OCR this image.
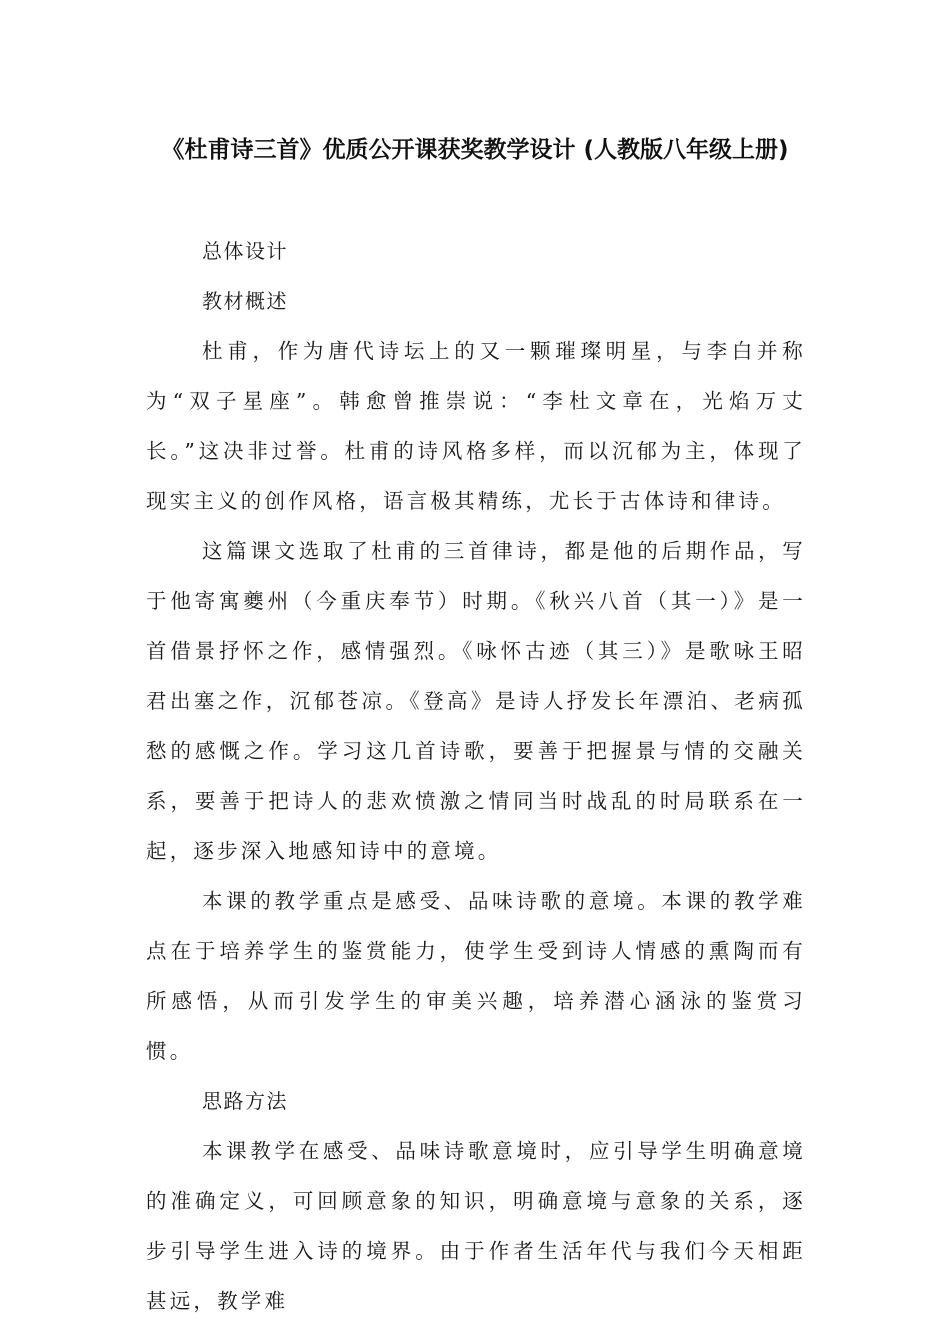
《杜甫诗三首》优质公开课获奖教学设计 (人教版八年级上册)

总体设计

教材概述

杜甫，作为唐代诗坛上的又一颗璀璨明星，与李白并称为“双子星座”。韩愈曾推崇说：“李杜文章在，光焰万丈长。”这决非过誉。杜甫的诗风格多样，而以沉郁为主，体现了现实主义的创作风格，语言极其精练，尤长于古体诗和律诗。

这篇课文选取了杜甫的三首律诗，都是他的后期作品，写于他寄寓夔州（今重庆奉节）时期。《秋兴八首（其一）》是一首借景抒怀之作，感情强烈。《咏怀古迹（其三）》是歌咏王昭君出塞之作，沉郁苍凉。《登高》是诗人抒发长年漂泊、老病孤愁的感慨之作。学习这几首诗歌，要善于把握景与情的交融关系，要善于把诗人的悲欢愤激之情同当时战乱的时局联系在一起，逐步深入地感知诗中的意境。

本课的教学重点是感受、品味诗歌的意境。本课的教学难点在于培养学生的鉴赏能力，使学生受到诗人情感的熏陶而有所感悟，从而引发学生的审美兴趣，培养潜心涵泳的鉴赏习惯。

思路方法

本课教学在感受、品味诗歌意境时，应引导学生明确意境的准确定义，可回顾意象的知识，明确意境与意象的关系，逐步引导学生进入诗的境界。由于作者生活年代与我们今天相距甚远，教学难
